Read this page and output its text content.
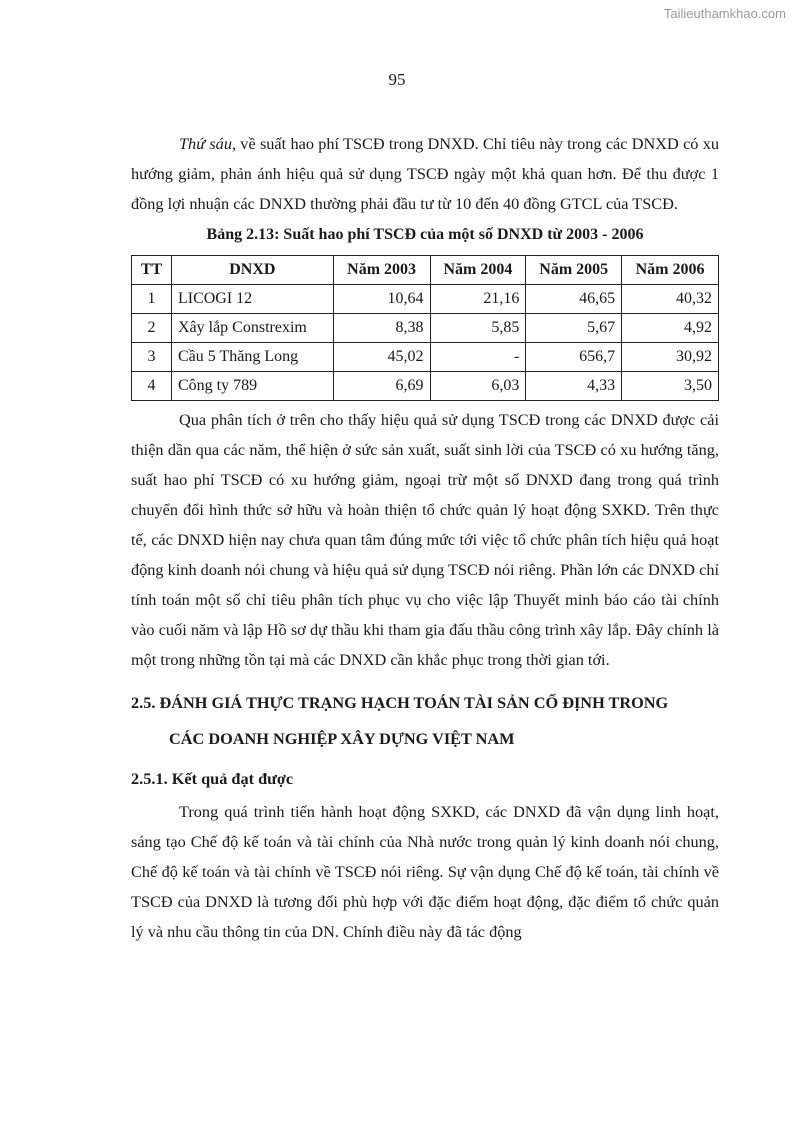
Tailieuthamkhao.com
95

Thứ sáu, về suất hao phí TSCĐ trong DNXD. Chỉ tiêu này trong các DNXD có xu hướng giảm, phản ánh hiệu quả sử dụng TSCĐ ngày một khả quan hơn. Để thu được 1 đồng lợi nhuận các DNXD thường phải đầu tư từ 10 đến 40 đồng GTCL của TSCĐ.

Bảng 2.13: Suất hao phí TSCĐ của một số DNXD từ 2003 - 2006
TT	DNXD	Năm 2003	Năm 2004	Năm 2005	Năm 2006
1	LICOGI 12	10,64	21,16	46,65	40,32
2	Xây lắp Constrexim	8,38	5,85	5,67	4,92
3	Cầu 5 Thăng Long	45,02	-	656,7	30,92
4	Công ty 789	6,69	6,03	4,33	3,50

Qua phân tích ở trên cho thấy hiệu quả sử dụng TSCĐ trong các DNXD được cải thiện dần qua các năm, thể hiện ở sức sản xuất, suất sinh lời của TSCĐ có xu hướng tăng, suất hao phí TSCĐ có xu hướng giảm, ngoại trừ một số DNXD đang trong quá trình chuyển đổi hình thức sở hữu và hoàn thiện tổ chức quản lý hoạt động SXKD. Trên thực tế, các DNXD hiện nay chưa quan tâm đúng mức tới việc tổ chức phân tích hiệu quả hoạt động kinh doanh nói chung và hiệu quả sử dụng TSCĐ nói riêng. Phần lớn các DNXD chỉ tính toán một số chỉ tiêu phân tích phục vụ cho việc lập Thuyết minh báo cáo tài chính vào cuối năm và lập Hồ sơ dự thầu khi tham gia đấu thầu công trình xây lắp. Đây chính là một trong những tồn tại mà các DNXD cần khắc phục trong thời gian tới.

2.5. ĐÁNH GIÁ THỰC TRẠNG HẠCH TOÁN TÀI SẢN CỐ ĐỊNH TRONG
CÁC DOANH NGHIỆP XÂY DỰNG VIỆT NAM
2.5.1. Kết quả đạt được

Trong quá trình tiến hành hoạt động SXKD, các DNXD đã vận dụng linh hoạt, sáng tạo Chế độ kế toán và tài chính của Nhà nước trong quản lý kinh doanh nói chung, Chế độ kế toán và tài chính về TSCĐ nói riêng. Sự vận dụng Chế độ kế toán, tài chính về TSCĐ của DNXD là tương đối phù hợp với đặc điểm hoạt động, đặc điểm tổ chức quản lý và nhu cầu thông tin của DN. Chính điều này đã tác động
